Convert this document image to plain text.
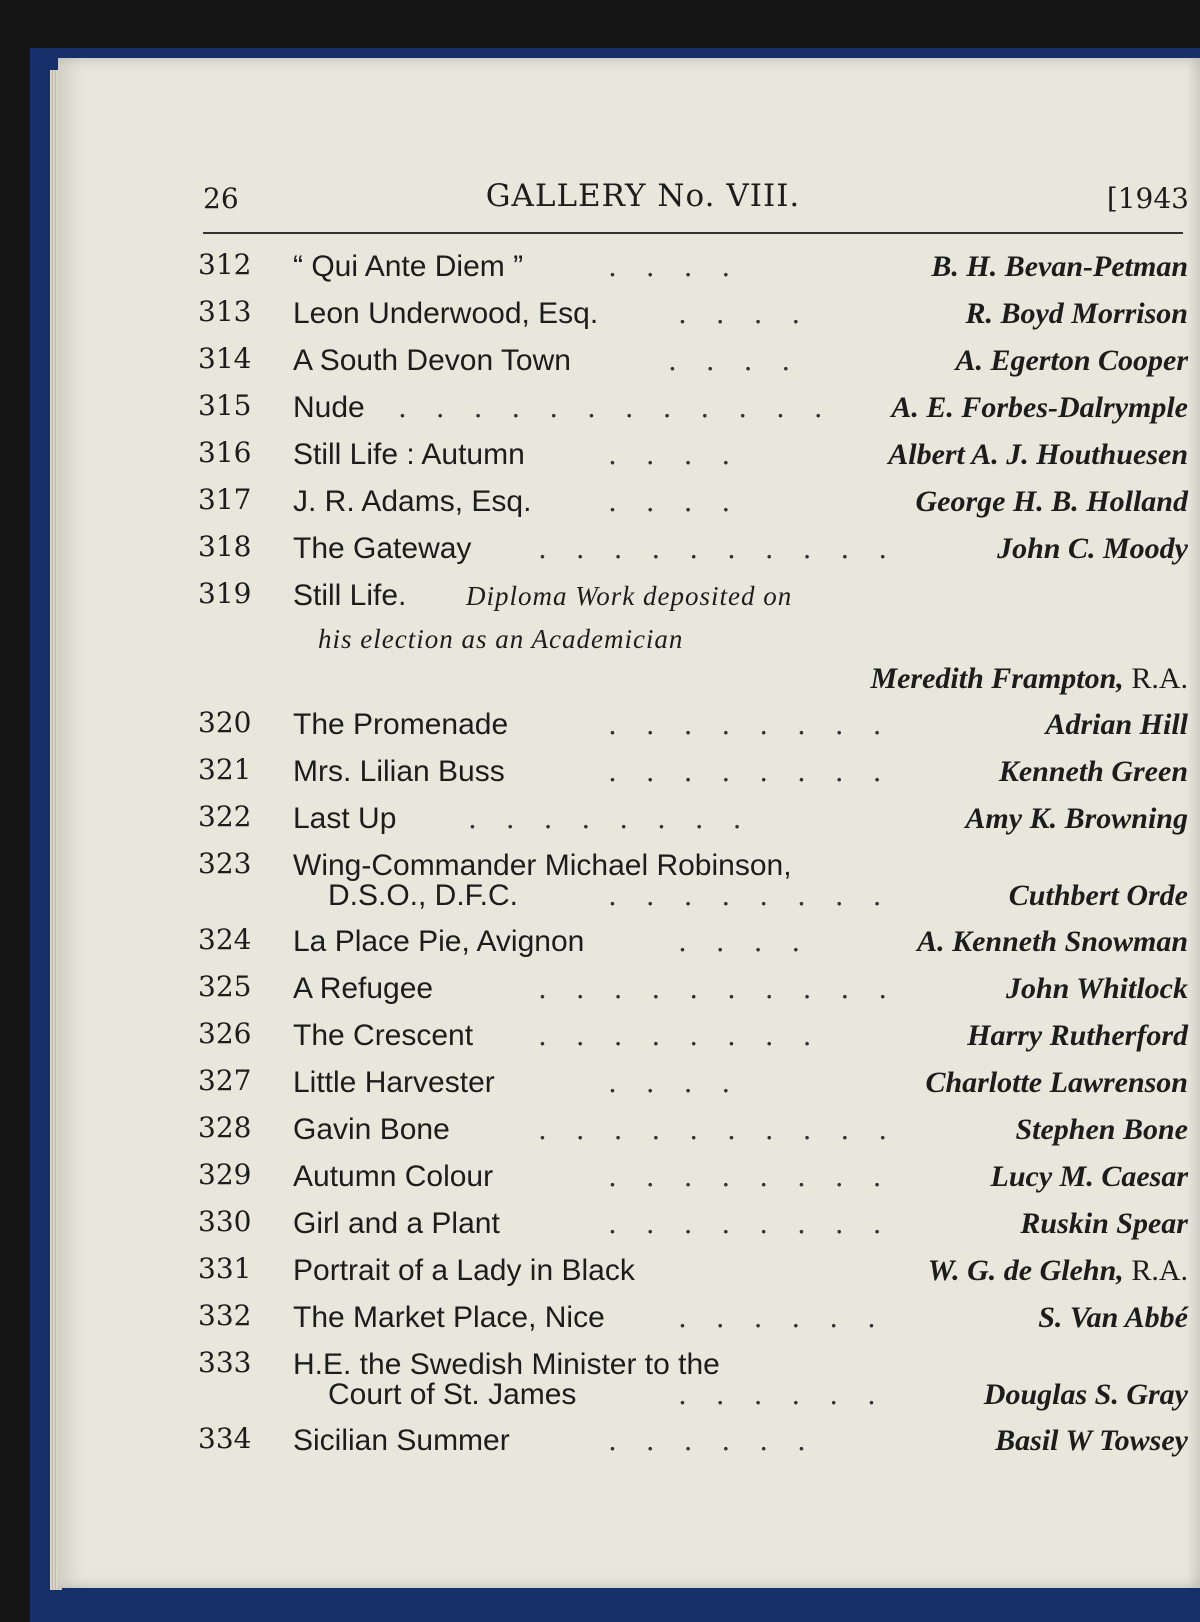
26	GALLERY No. VIII.	[1943
312 “ Qui Ante Diem ”	. . . .	B. H. Bevan-Petman
313 Leon Underwood, Esq.	. . . .	R. Boyd Morrison
314 A South Devon Town	. . . .	A. Egerton Cooper
315 Nude . . . . . . . . . . . . A. E. Forbes-Dalrymple
316 Still Life : Autumn	. . . .	Albert A. J. Houthuesen
317 J. R. Adams, Esq.	. . . .	George H. B. Holland
318 The Gateway . . . . . . . . . .	John C. Moody
319 Still Life. Diploma Work deposited on
his election as an Academician
Meredith Frampton, R.A.
320 The Promenade	. . . . . . . .	Adrian Hill
321 Mrs. Lilian Buss	. . . . . . . .	Kenneth Green
322 Last Up	. . . . . . . .	Amy K. Browning
323 Wing-Commander Michael Robinson,
D.S.O., D.F.C.	. . . . . . . .	Cuthbert Orde
324 La Place Pie, Avignon	. . . .	A. Kenneth Snowman
325 A Refugee	. . . . . . . . . .	John Whitlock
326 The Crescent . . . . . . . .	Harry Rutherford
327 Little Harvester	. . . .	Charlotte Lawrenson
328 Gavin Bone	. . . . . . . . . .	Stephen Bone
329 Autumn Colour	. . . . . . . .	Lucy M. Caesar
330 Girl and a Plant	. . . . . . . .	Ruskin Spear
331 Portrait of a Lady in Black	W. G. de Glehn, R.A.
332 The Market Place, Nice	. . . . . .	S. Van Abbé
333 H.E. the Swedish Minister to the
Court of St. James	. . . . . .	Douglas S. Gray
334 Sicilian Summer	. . . . . .	Basil W Towsey
